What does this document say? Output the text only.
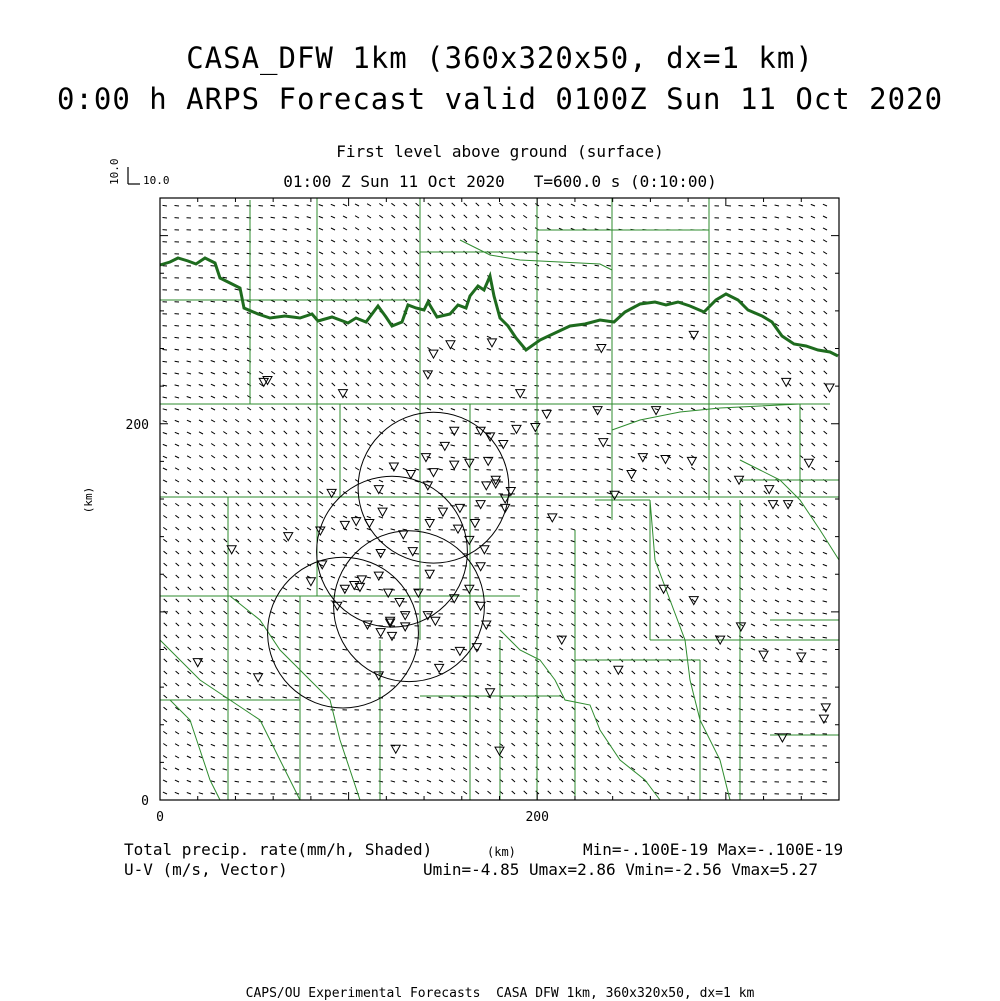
CASA_DFW 1km (360x320x50, dx=1 km)
0:00 h ARPS Forecast valid 0100Z Sun 11 Oct 2020
First level above ground (surface)
01:00 Z Sun 11 Oct 2020   T=600.0 s (0:10:00)
0	200
0
200
10.0 10.0
(km)
Total precip. rate(mm/h, Shaded)
U-V (m/s, Vector)
(km)	Min=-.100E-19 Max=-.100E-19
Umin=-4.85 Umax=2.86 Vmin=-2.56 Vmax=5.27
CAPS/OU Experimental Forecasts  CASA DFW 1km, 360x320x50, dx=1 km
